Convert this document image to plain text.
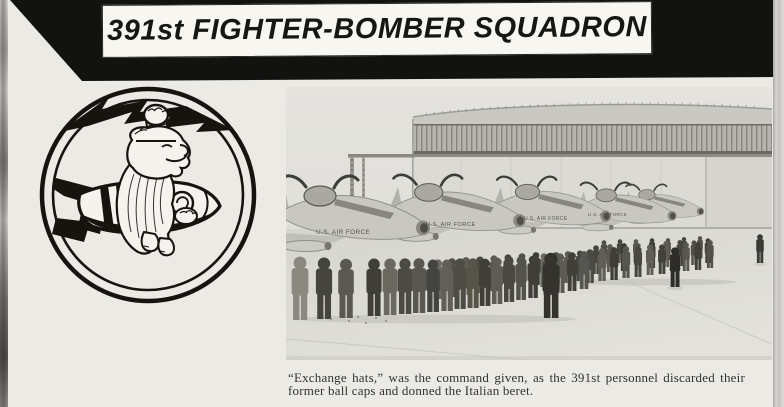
391st FIGHTER-BOMBER SQUADRON
U.S. AIR FORCE
U.S. AIR FORCE
U.S. AIR FORCE
U.S. AIR FORCE
“Exchange hats,” was the command given, as the 391st personnel discarded their
former ball caps and donned the Italian beret.
